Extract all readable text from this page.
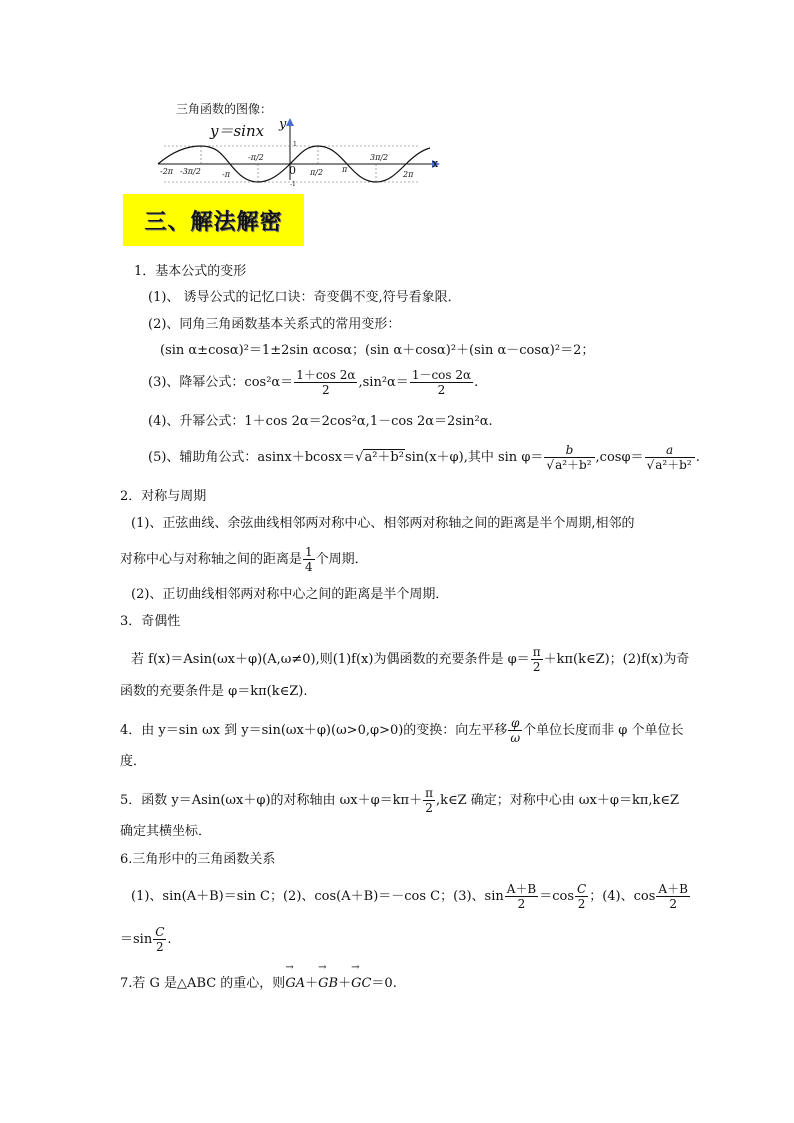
三角函数的图像：
y＝sinx y
x
0
-2π -3π/2	-π
-π/2
π/2 π
3π/2
2π
1
-1
三、解法解密
1．基本公式的变形
(1)、 诱导公式的记忆口诀：奇变偶不变,符号看象限．
(2)、同角三角函数基本关系式的常用变形：
(sin α±cosα)²＝1±2sin αcosα；(sin α＋cosα)²＋(sin α－cosα)²＝2；
(3)、降幂公式：$\cos^2\alpha= \frac{1+\cos 2\alpha}{2} ,\sin^2\alpha= \frac{1-\cos 2\alpha}{2}$ .
(4)、升幂公式：1＋cos 2α＝2cos²α,1－cos 2α＝2sin²α.
(5)、辅助角公式：asinx＋bcosx＝√a²＋b²sin(x＋φ),其中 $\sin \varphi= \frac{b}{\text{√a²＋b²}} ,\cos\varphi= \frac{a}{\text{√a²＋b²}}$ .
2．对称与周期
(1)、正弦曲线、余弦曲线相邻两对称中心、相邻两对称轴之间的距离是半个周期,相邻的
对称中心与对称轴之间的距离是 $\frac{1}{4}$ 个周期．
(2)、正切曲线相邻两对称中心之间的距离是半个周期．
3．奇偶性
若 f(x)＝Asin(ωx＋φ)(A,ω≠0),则(1)f(x)为偶函数的充要条件是 $\varphi= \frac{\pi}{2}$ ＋kπ(k∈Z)；(2)f(x)为奇
函数的充要条件是 φ＝kπ(k∈Z).
4．由 y＝sin ωx 到 y＝sin(ωx＋φ)(ω>0,φ>0)的变换：向左平移 $\frac{\varphi}{\omega}$ 个单位长度而非 φ 个单位长
度．
5．函数 y＝Asin(ωx＋φ)的对称轴由 $\omega x+\varphi=k\pi+ \frac{\pi}{2}$ ,k∈Z 确定；对称中心由 ωx＋φ＝kπ,k∈Z
确定其横坐标．
6.三角形中的三角函数关系
(1)、sin(A＋B)＝sin C；(2)、cos(A＋B)＝－cos C；(3)、$\sin \frac{A+B}{2} =\cos \frac{C}{2}$ ；(4)、$\cos \frac{A+B}{2}$
$=\sin \frac{C}{2}$ .
7.若 G 是△ABC 的重心，则→ GA＋→ GB＋→ GC＝0.
